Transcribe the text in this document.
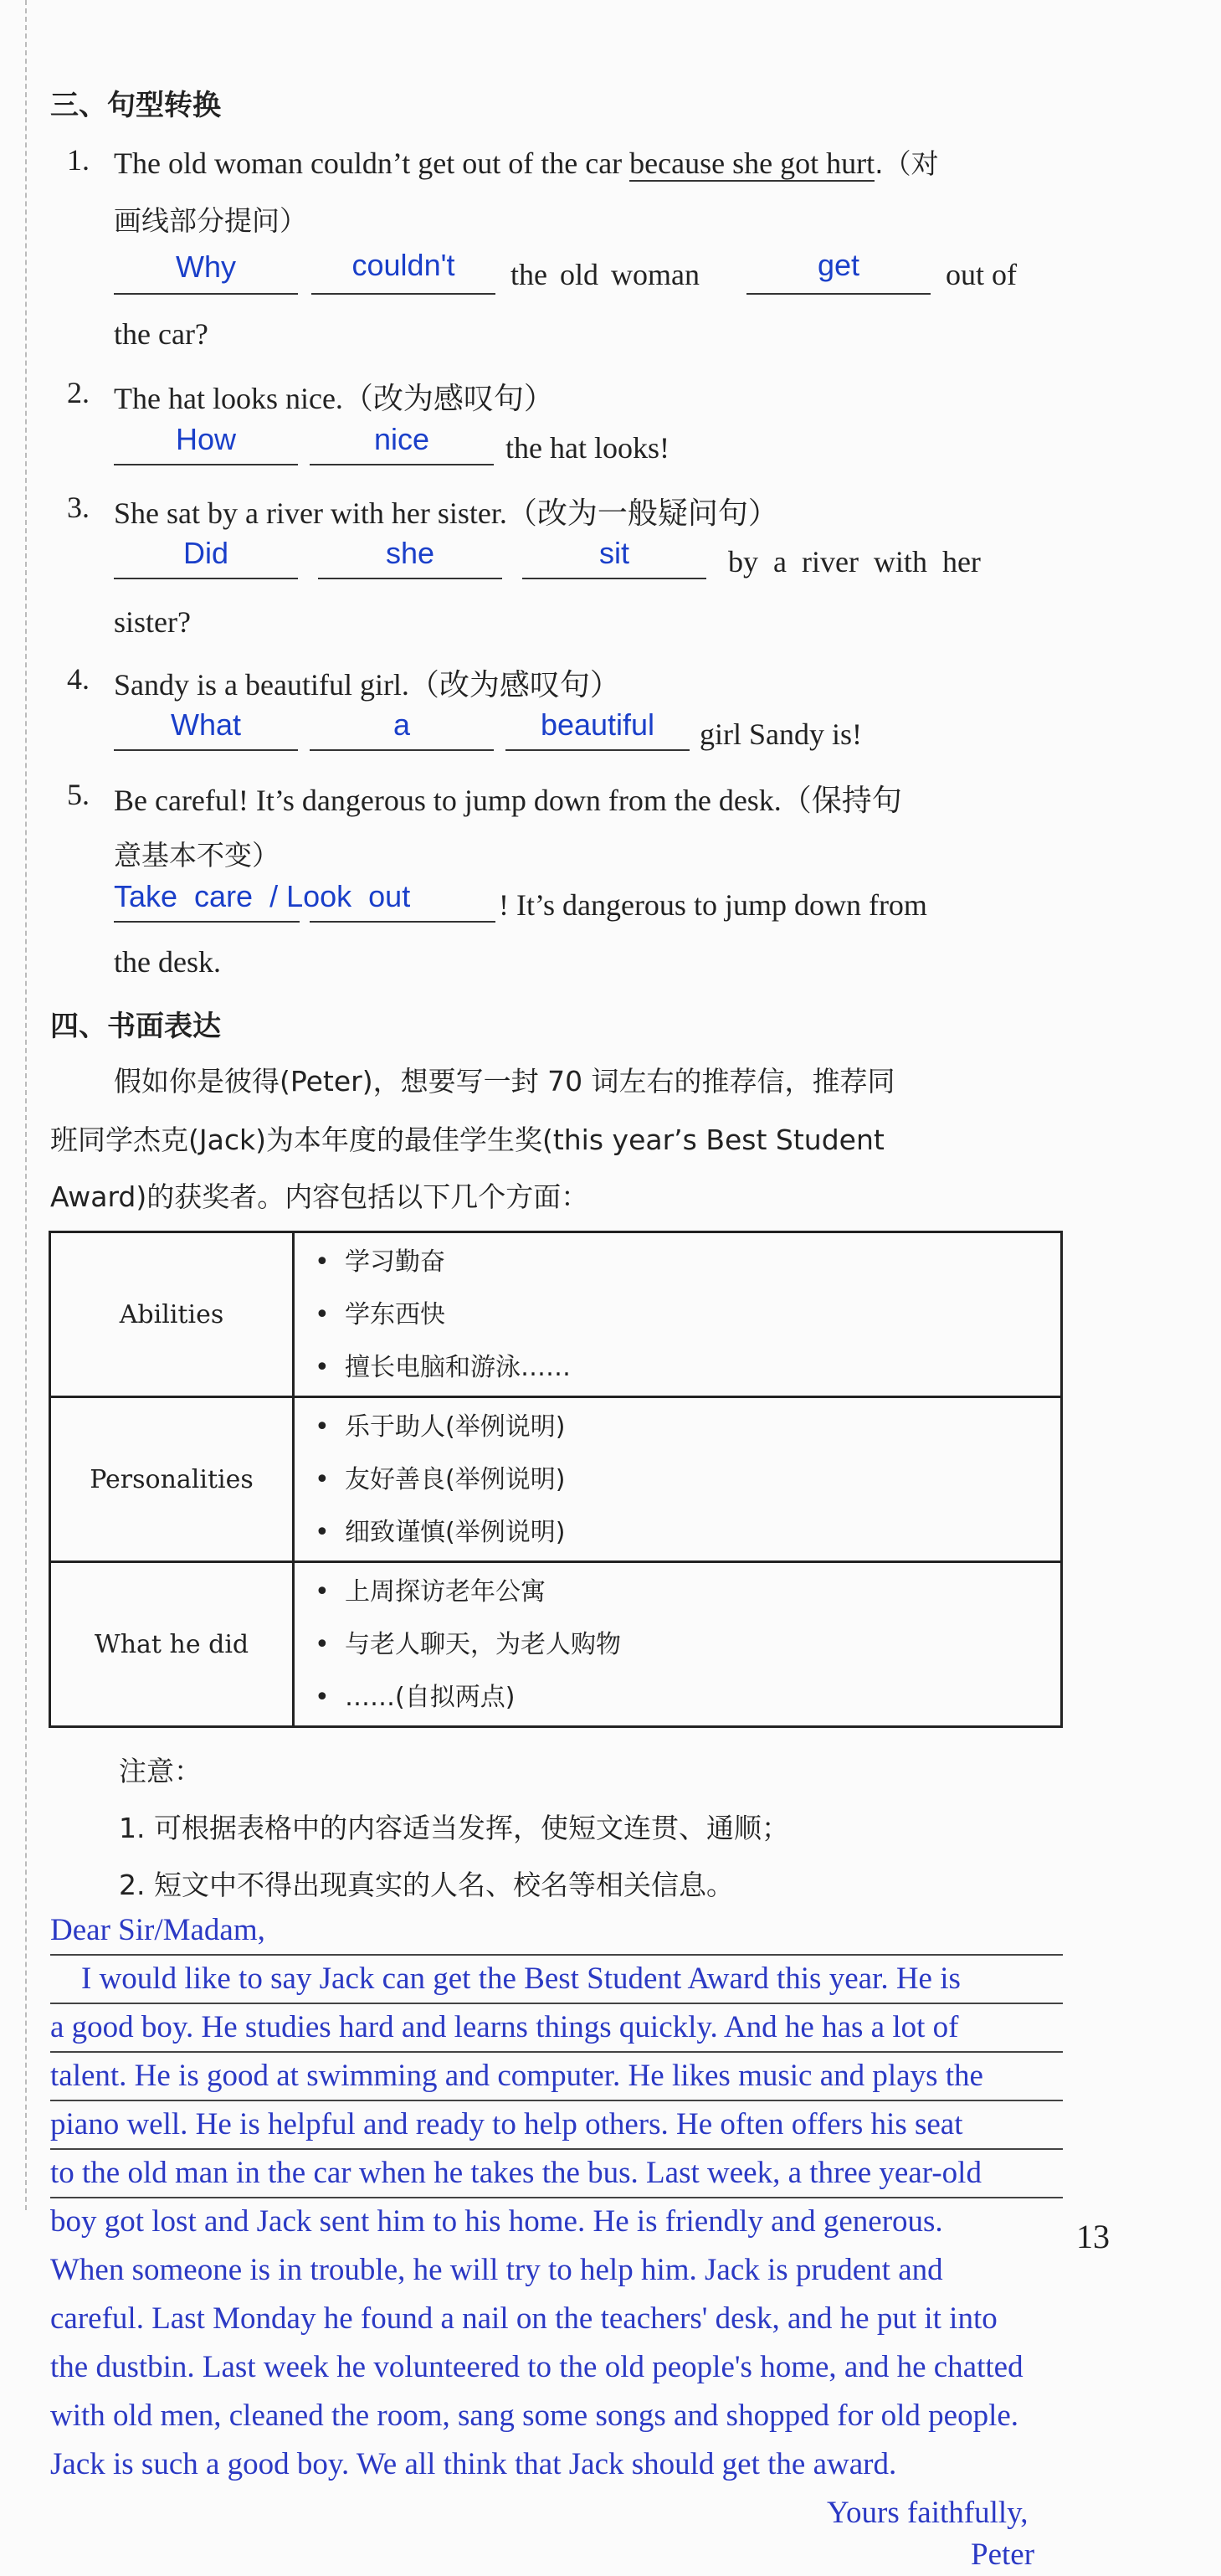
三、句型转换
1. The old woman couldn’t get out of the car because she got hurt.（对
画线部分提问）
Why	couldn't	the old woman	get	out of
the car?
2. The hat looks nice.（改为感叹句）
How	nice	the hat looks!
3. She sat by a river with her sister.（改为一般疑问句）
Did	she	sit	by  a  river  with  her
sister?
4. Sandy is a beautiful girl.（改为感叹句）
What	a	beautiful	girl Sandy is!
5. Be careful! It’s dangerous to jump down from the desk.（保持句
意基本不变）
Take  care  / Look  out	! It’s dangerous to jump down from
the desk.
四、书面表达
假如你是彼得(Peter)，想要写一封 70 词左右的推荐信，推荐同
班同学杰克(Jack)为本年度的最佳学生奖(this year’s Best Student
Award)的获奖者。内容包括以下几个方面：
Abilities	• 学习勤奋
• 学东西快
• 擅长电脑和游泳……

Personalities	• 乐于助人(举例说明)
• 友好善良(举例说明)
• 细致谨慎(举例说明)

What he did	• 上周探访老年公寓
• 与老人聊天，为老人购物
• ……(自拟两点)
注意：
1. 可根据表格中的内容适当发挥，使短文连贯、通顺；
2. 短文中不得出现真实的人名、校名等相关信息。
Dear Sir/Madam,
I would like to say Jack can get the Best Student Award this year. He is
a good boy. He studies hard and learns things quickly. And he has a lot of
talent. He is good at swimming and computer. He likes music and plays the
piano well. He is helpful and ready to help others. He often offers his seat
to the old man in the car when he takes the bus. Last week, a three year-old
boy got lost and Jack sent him to his home. He is friendly and generous.
When someone is in trouble, he will try to help him. Jack is prudent and
careful. Last Monday he found a nail on the teachers' desk, and he put it into
the dustbin. Last week he volunteered to the old people's home, and he chatted
with old men, cleaned the room, sang some songs and shopped for old people.
Jack is such a good boy. We all think that Jack should get the award.
Yours faithfully,
Peter
13
